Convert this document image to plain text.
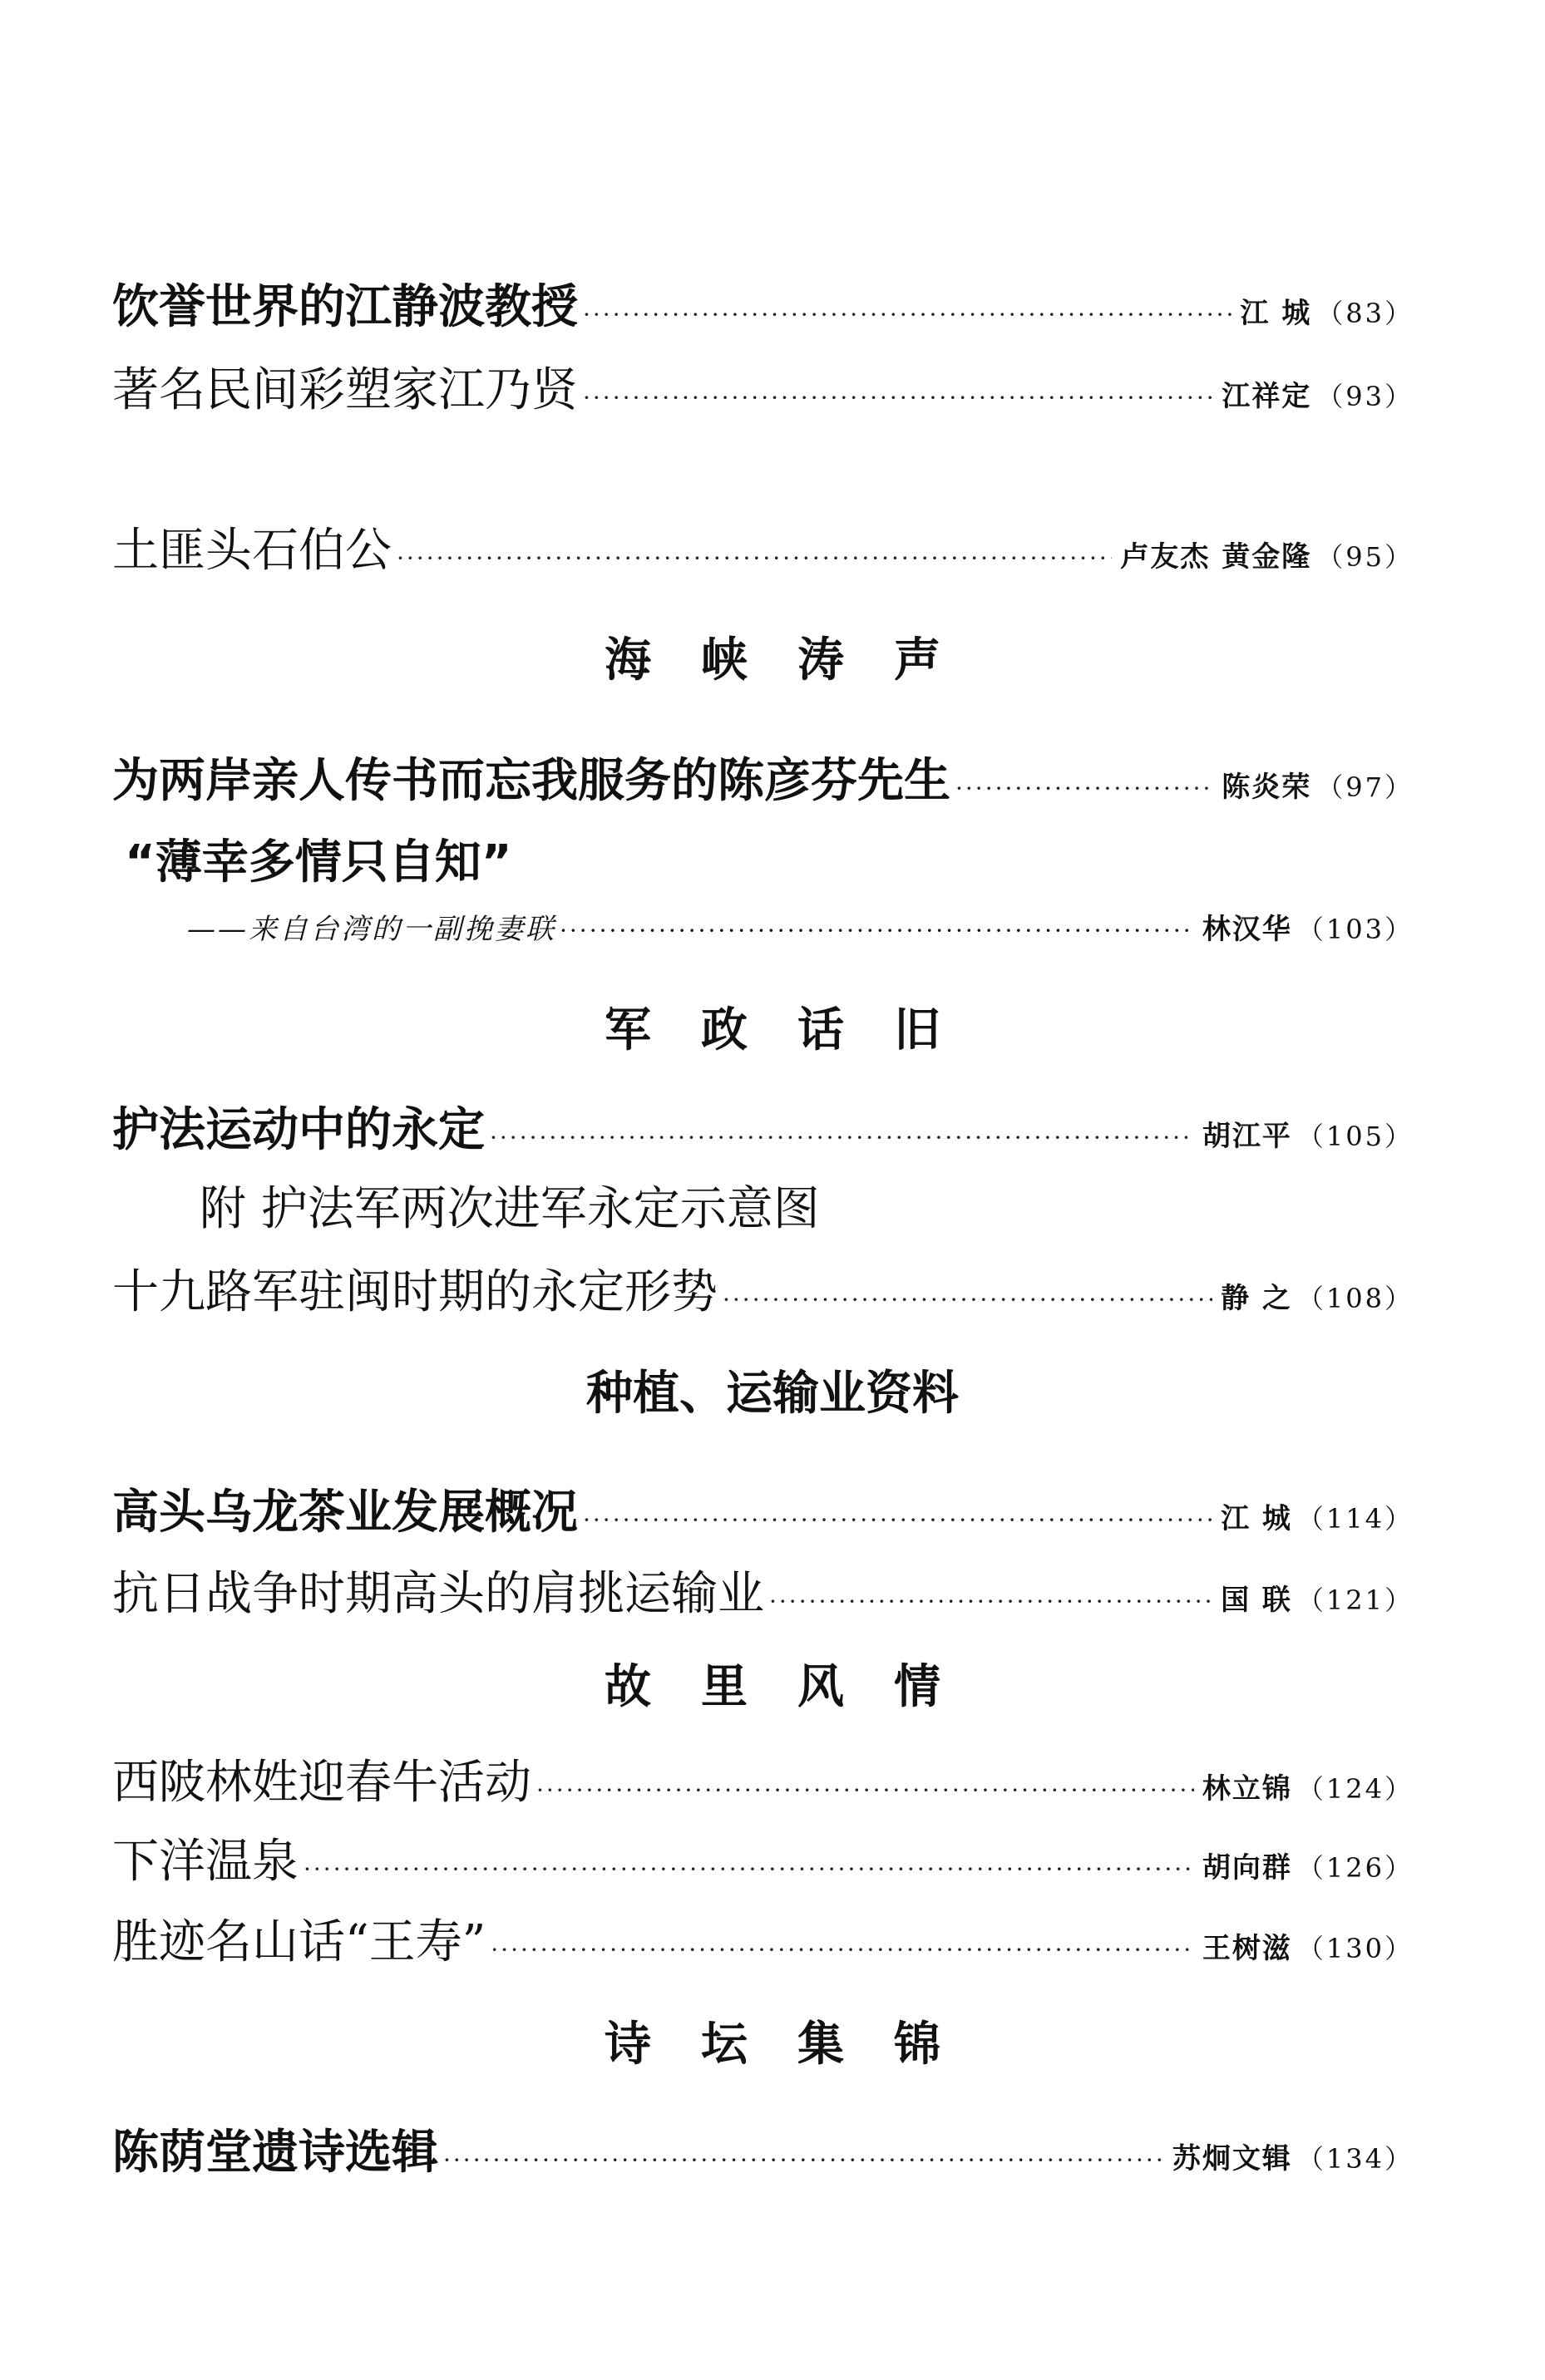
饮誉世界的江静波教授 ·····	江 城 （83）
著名民间彩塑家江乃贤 ·····	江祥定 （93）
土匪头石伯公 ·····	卢友杰 黄金隆 （95）
海峡涛声
为两岸亲人传书而忘我服务的陈彦芬先生 ·····	陈炎荣 （97）
“薄幸多情只自知”
——来自台湾的一副挽妻联 ·····	林汉华 （103）
军政话旧
护法运动中的永定 ·····	胡江平 （105）
附 护法军两次进军永定示意图
十九路军驻闽时期的永定形势 ·····	静 之 （108）
种植、运输业资料
高头乌龙茶业发展概况 ·····	江 城 （114）
抗日战争时期高头的肩挑运输业 ·····	国 联 （121）
故里风情
西陂林姓迎春牛活动 ·····	林立锦 （124）
下洋温泉 ·····	胡向群 （126）
胜迹名山话“王寿” ·····	王树滋 （130）
诗坛集锦
陈荫堂遗诗选辑 ·····	苏炯文辑 （134）
